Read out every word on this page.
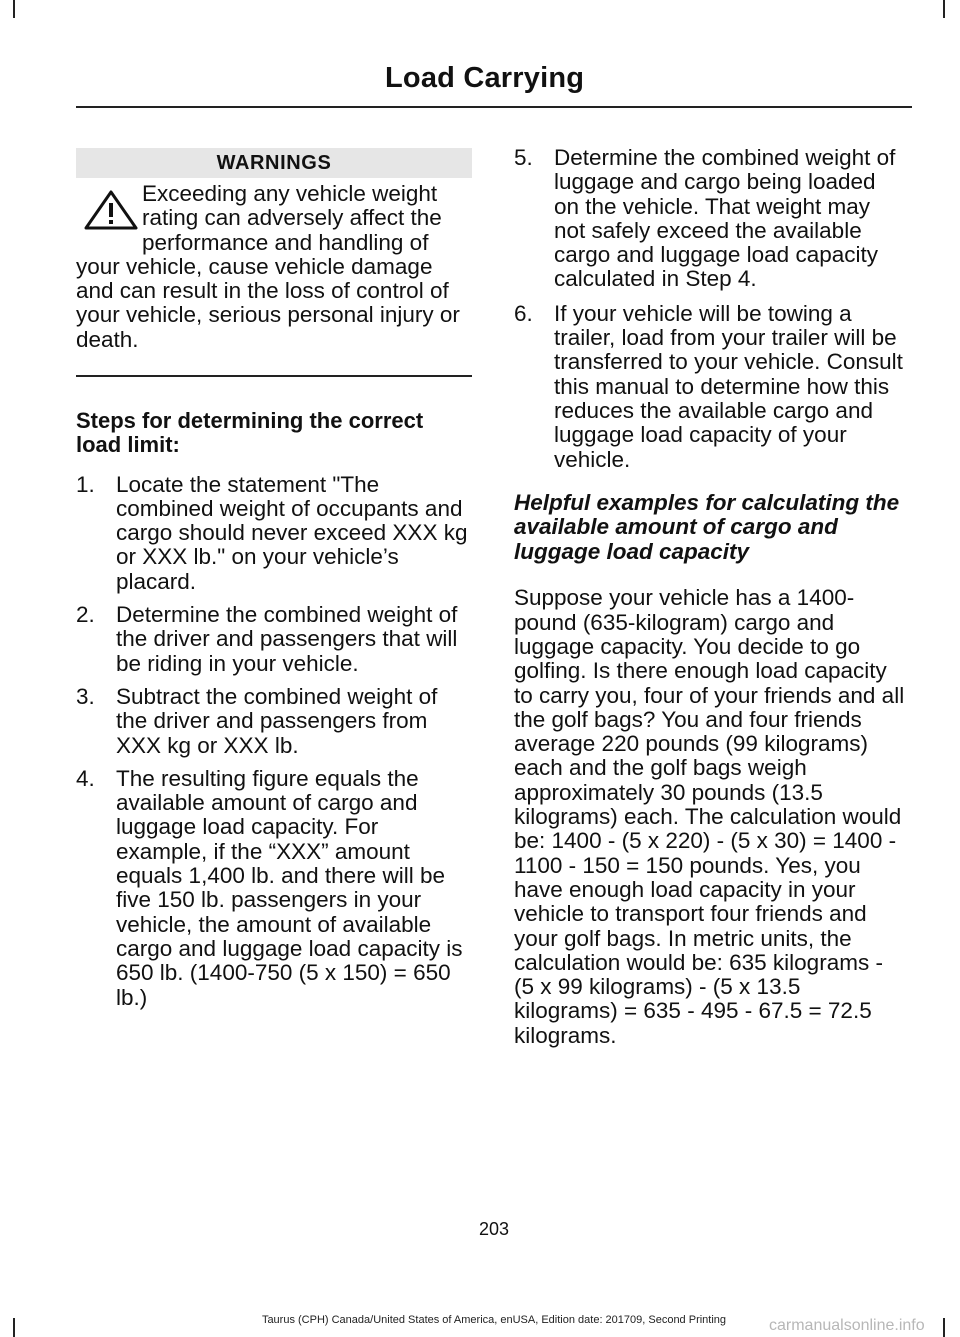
Load Carrying
WARNINGS
Exceeding any vehicle weight rating can adversely affect the performance and handling of your vehicle, cause vehicle damage and can result in the loss of control of your vehicle, serious personal injury or death.
Steps for determining the correct load limit:
1. Locate the statement "The combined weight of occupants and cargo should never exceed XXX kg or XXX lb." on your vehicle’s placard.
2. Determine the combined weight of the driver and passengers that will be riding in your vehicle.
3. Subtract the combined weight of the driver and passengers from XXX kg or XXX lb.
4. The resulting figure equals the available amount of cargo and luggage load capacity. For example, if the “XXX” amount equals 1,400 lb. and there will be five 150 lb. passengers in your vehicle, the amount of available cargo and luggage load capacity is 650 lb. (1400-750 (5 x 150) = 650 lb.)
5. Determine the combined weight of luggage and cargo being loaded on the vehicle. That weight may not safely exceed the available cargo and luggage load capacity calculated in Step 4.
6. If your vehicle will be towing a trailer, load from your trailer will be transferred to your vehicle. Consult this manual to determine how this reduces the available cargo and luggage load capacity of your vehicle.
Helpful examples for calculating the available amount of cargo and luggage load capacity
Suppose your vehicle has a 1400-pound (635-kilogram) cargo and luggage capacity. You decide to go golfing. Is there enough load capacity to carry you, four of your friends and all the golf bags? You and four friends average 220 pounds (99 kilograms) each and the golf bags weigh approximately 30 pounds (13.5 kilograms) each. The calculation would be: 1400 - (5 x 220) - (5 x 30) = 1400 - 1100 - 150 = 150 pounds. Yes, you have enough load capacity in your vehicle to transport four friends and your golf bags. In metric units, the calculation would be: 635 kilograms - (5 x 99 kilograms) - (5 x 13.5 kilograms) = 635 - 495 - 67.5 = 72.5 kilograms.
203
Taurus (CPH) Canada/United States of America, enUSA, Edition date: 201709, Second Printing	carmanualsonline.info
